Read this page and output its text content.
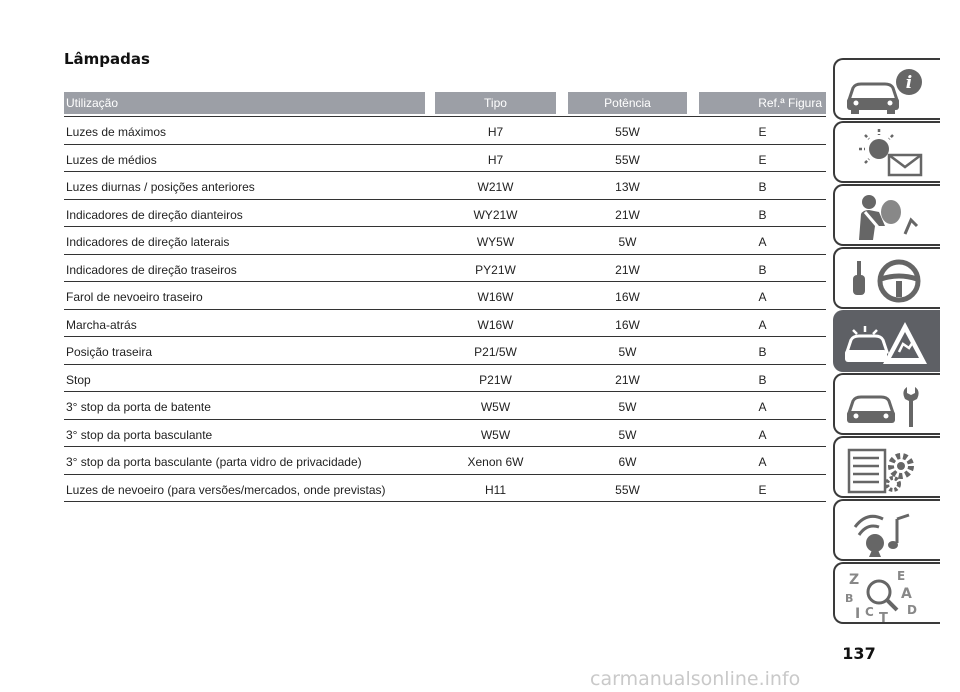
Lâmpadas
Utilização	Tipo	Potência	Ref.ª Figura
Luzes de máximos	H7	55W	E
Luzes de médios	H7	55W	E
Luzes diurnas / posições anteriores	W21W	13W	B
Indicadores de direção dianteiros	WY21W	21W	B
Indicadores de direção laterais	WY5W	5W	A
Indicadores de direção traseiros	PY21W	21W	B
Farol de nevoeiro traseiro	W16W	16W	A
Marcha-atrás	W16W	16W	A
Posição traseira	P21/5W	5W	B
Stop	P21W	21W	B
3° stop da porta de batente	W5W	5W	A
3° stop da porta basculante	W5W	5W	A
3° stop da porta basculante (parta vidro de privacidade)	Xenon 6W	6W	A
Luzes de nevoeiro (para versões/mercados, onde previstas)	H11	55W	E
i
Z	E
B	A
C T
D
I
137
carmanualsonline.info
